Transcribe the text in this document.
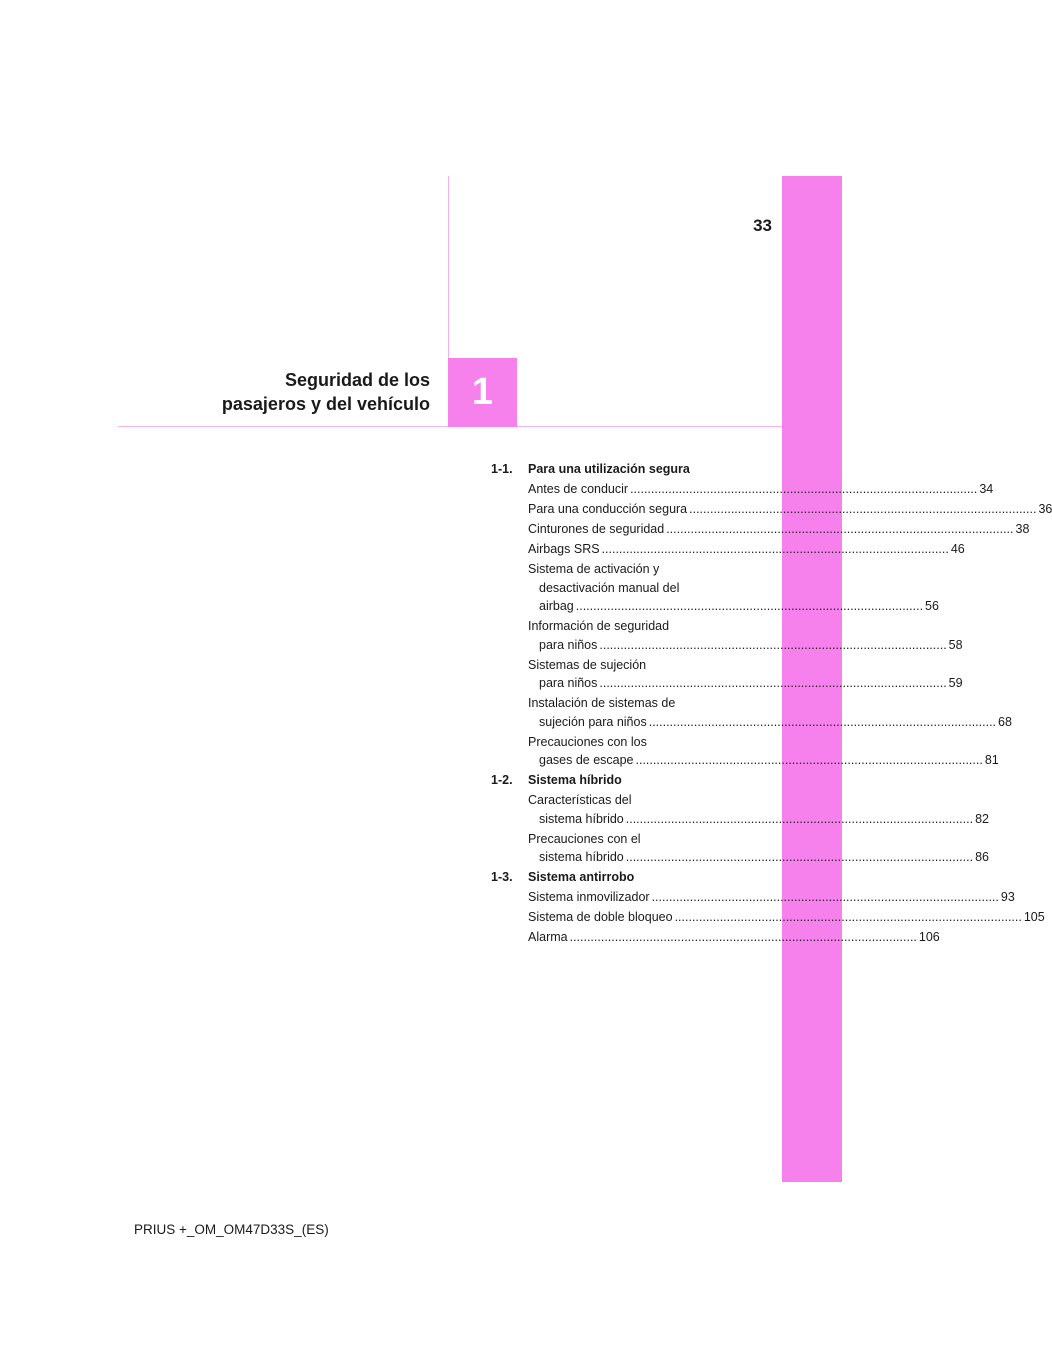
33
Seguridad de los
pasajeros y del vehículo 1
1-1.	Para una utilización segura
Antes de conducir .....	34
Para una conducción segura .....	36
Cinturones de seguridad .....	38
Airbags SRS .....	46
Sistema de activación y
desactivación manual del
airbag .....	56
Información de seguridad
para niños .....	58
Sistemas de sujeción
para niños .....	59
Instalación de sistemas de
sujeción para niños .....	68
Precauciones con los
gases de escape .....	81
1-2.	Sistema híbrido
Características del
sistema híbrido .....	82
Precauciones con el
sistema híbrido .....	86
1-3.	Sistema antirrobo
Sistema inmovilizador .....	93
Sistema de doble bloqueo .....	105
Alarma .....	106
PRIUS +_OM_OM47D33S_(ES)
